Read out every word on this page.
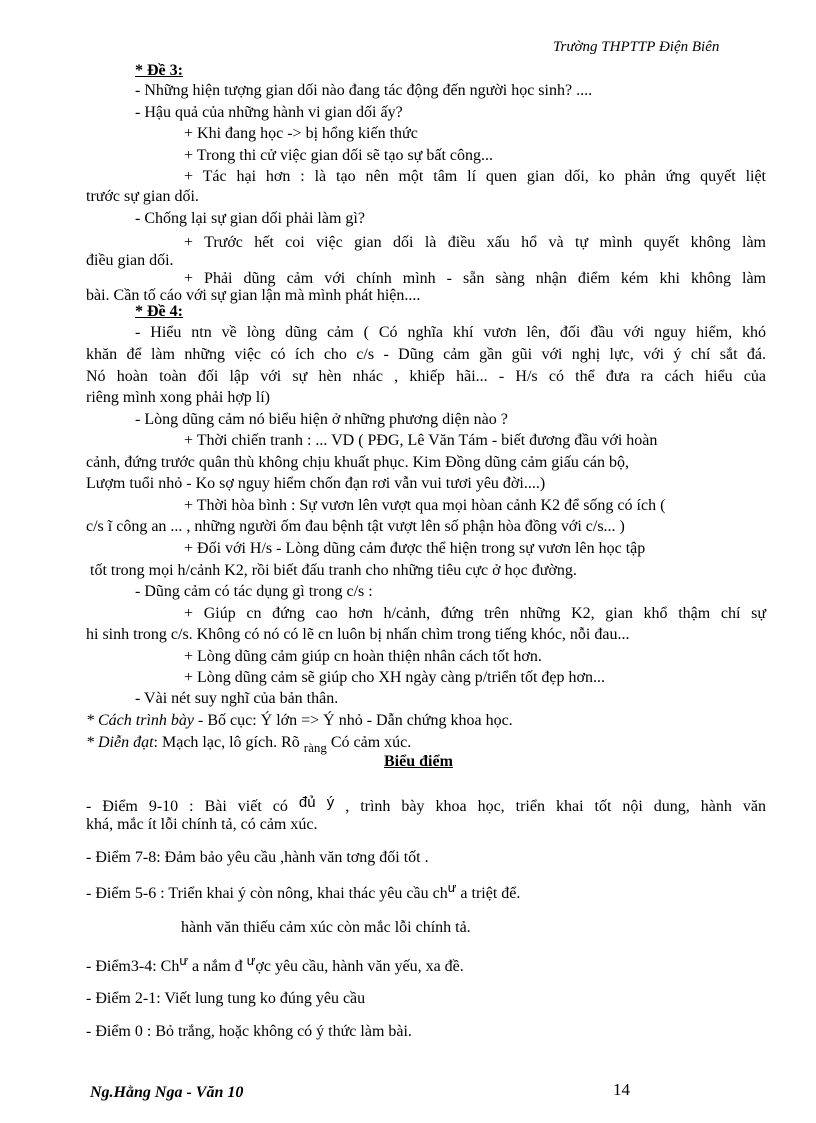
Trường THPTTP Điện Biên
* Đề 3:
- Những hiện tượng gian dối nào đang tác động đến người học sinh? ....
- Hậu quả của những hành vi gian dối ấy?
+ Khi đang học -> bị hổng kiến thức
+ Trong thi cử việc gian dối sẽ tạo sự bất công...
+ Tác hại hơn : là tạo nên một tâm lí quen gian dối, ko phản ứng quyết liệt
trước sự gian dối.
- Chống lại sự gian dối phải làm gì?
+ Trước hết coi việc gian dối là điều xấu hổ và tự mình quyết không làm
điều gian dối.
+ Phải dũng cảm với chính mình - sẵn sàng nhận điểm kém khi không làm
bài. Cần tố cáo với sự gian lận mà mình phát hiện....
* Đề 4:
- Hiểu ntn về lòng dũng cảm ( Có nghĩa khí vươn lên, đối đầu với nguy hiểm, khó
khăn để làm những việc có ích cho c/s - Dũng cảm gần gũi với nghị lực, với ý chí sắt đá.
Nó hoàn toàn đối lập với sự hèn nhác , khiếp hãi... - H/s có thể đưa ra cách hiểu của
riêng mình xong phải hợp lí)
- Lòng dũng cảm nó biểu hiện ở những phương diện nào ?
+ Thời chiến tranh : ... VD ( PĐG, Lê Văn Tám - biết đương đầu với hoàn
cảnh, đứng trước quân thù không chịu khuất phục. Kim Đồng dũng cảm giấu cán bộ,
Lượm tuổi nhỏ - Ko sợ nguy hiểm chốn đạn rơi vẫn vui tươi yêu đời....)
+ Thời hòa bình : Sự vươn lên vượt qua mọi hòan cảnh K2 để sống có ích (
c/s ĩ công an ... , những người ốm đau bệnh tật vượt lên số phận hòa đồng với c/s... )
+ Đối với H/s - Lòng dũng cảm được thể hiện trong sự vươn lên học tập
tốt trong mọi h/cảnh K2, rồi biết đấu tranh cho những tiêu cực ở học đường.
- Dũng cảm có tác dụng gì trong c/s :
+ Giúp cn đứng cao hơn h/cảnh, đứng trên những K2, gian khổ thậm chí sự
hi sinh trong c/s. Không có nó có lẽ cn luôn bị nhấn chìm trong tiếng khóc, nỗi đau...
+ Lòng dũng cảm giúp cn hoàn thiện nhân cách tốt hơn.
+ Lòng dũng cảm sẽ giúp cho XH ngày càng p/triển tốt đẹp hơn...
- Vài nét suy nghĩ của bản thân.
* Cách trình bày - Bố cục: Ý lớn => Ý nhỏ - Dẫn chứng khoa học.
* Diễn đạt: Mạch lạc, lô gích. Rõ $_{ràng}$ Có cảm xúc.
Biểu điểm
- Điểm 9-10 : Bài viết có đủ ý , trình bày khoa học, triển khai tốt nội dung, hành văn
khá, mắc ít lỗi chính tả, có cảm xúc.
- Điểm 7-8: Đảm bảo yêu cầu ,hành văn tơng đối tốt .
- Điểm 5-6 : Triển khai ý còn nông, khai thác yêu cầu $ch^ư$ a triệt để.
hành văn thiếu cảm xúc còn mắc lỗi chính tả.
- Điểm3-4: $Ch^ư$ a nắm đ $^ư$ợc yêu cầu, hành văn yếu, xa đề.
- Điểm 2-1: Viết lung tung ko đúng yêu cầu
- Điểm 0 : Bỏ trắng, hoặc không có ý thức làm bài.
Ng.Hằng Nga - Văn 10	14
